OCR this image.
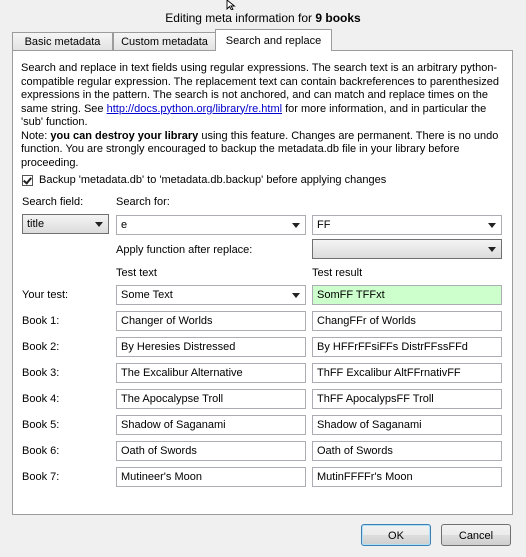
Editing meta information for 9 books
Basic metadata	Custom metadata	Search and replace
Search and replace in text fields using regular expressions. The search text is an arbitrary python-compatible regular expression. The replacement text can contain backreferences to parenthesized expressions in the pattern. The search is not anchored, and can match and replace times on the same string. See http://docs.python.org/library/re.html for more information, and in particular the 'sub' function.
Note: you can destroy your library using this feature. Changes are permanent. There is no undo function. You are strongly encouraged to backup the metadata.db file in your library before proceeding.
Backup 'metadata.db' to 'metadata.db.backup' before applying changes
Search field:	Search for:
title	e	FF
Apply function after replace:
Test text	Test result
Your test:	Some Text	SomFF TFFxt
Book 1:	Changer of Worlds	ChangFFr of Worlds
Book 2:	By Heresies Distressed	By HFFrFFsiFFs DistrFFssFFd
Book 3:	The Excalibur Alternative	ThFF Excalibur AltFFrnativFF
Book 4:	The Apocalypse Troll	ThFF ApocalypsFF Troll
Book 5:	Shadow of Saganami	Shadow of Saganami
Book 6:	Oath of Swords	Oath of Swords
Book 7:	Mutineer's Moon	MutinFFFFr's Moon
OK	Cancel
